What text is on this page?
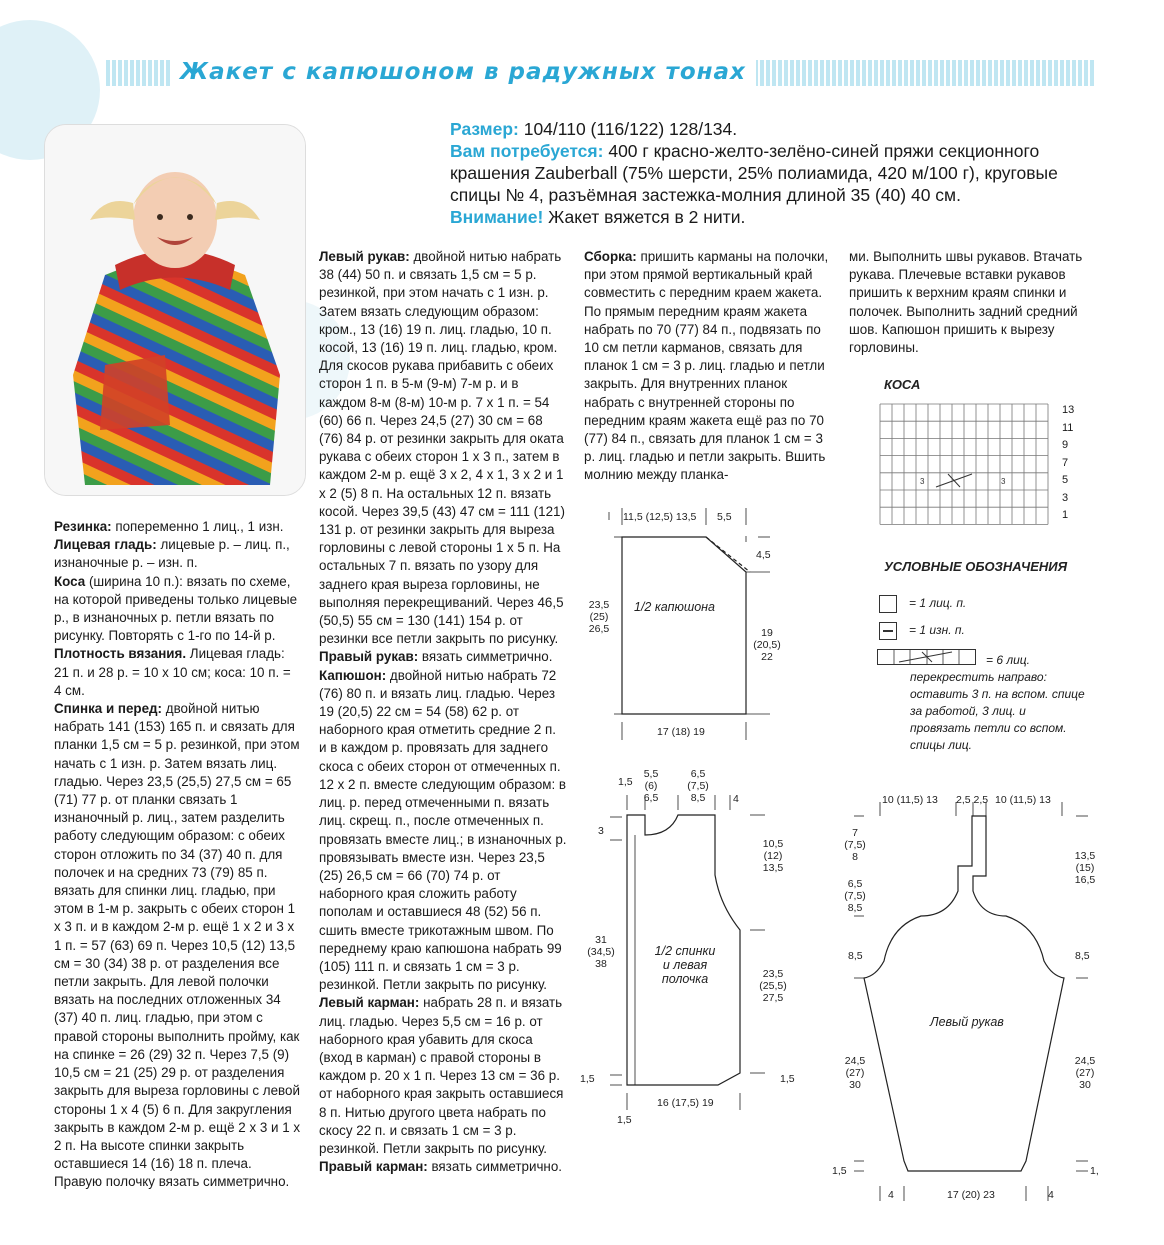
Жакет с капюшоном в радужных тонах

Размер: 104/110 (116/122) 128/134.

Вам потребуется: 400 г красно-желто-зелёно-синей пряжи секционного крашения Zauberball (75% шерсти, 25% полиамида, 420 м/100 г), круговые спицы № 4, разъёмная застежка-молния длиной 35 (40) 40 см.

Внимание! Жакет вяжется в 2 нити.

Резинка: попеременно 1 лиц., 1 изн.

Лицевая гладь: лицевые р. – лиц. п., изнаночные р. – изн. п.

Коса (ширина 10 п.): вязать по схеме, на которой приведены только лицевые р., в изнаночных р. петли вязать по рисунку. Повторять с 1-го по 14-й р.

Плотность вязания. Лицевая гладь: 21 п. и 28 р. = 10 х 10 см; коса: 10 п. = 4 см.

Спинка и перед: двойной нитью набрать 141 (153) 165 п. и связать для планки 1,5 см = 5 р. резинкой, при этом начать с 1 изн. р. Затем вязать лиц. гладью. Через 23,5 (25,5) 27,5 см = 65 (71) 77 р. от планки связать 1 изнаночный р. лиц., затем разделить работу следующим образом: с обеих сторон отложить по 34 (37) 40 п. для полочек и на средних 73 (79) 85 п. вязать для спинки лиц. гладью, при этом в 1-м р. закрыть с обеих сторон 1 х 3 п. и в каждом 2-м р. ещё 1 х 2 и 3 х 1 п. = 57 (63) 69 п. Через 10,5 (12) 13,5 см = 30 (34) 38 р. от разделения все петли закрыть. Для левой полочки вязать на последних отложенных 34 (37) 40 п. лиц. гладью, при этом с правой стороны выполнить пройму, как на спинке = 26 (29) 32 п. Через 7,5 (9) 10,5 см = 21 (25) 29 р. от разделения закрыть для выреза горловины с левой стороны 1 х 4 (5) 6 п. Для закругления закрыть в каждом 2-м р. ещё 2 х 3 и 1 х 2 п. На высоте спинки закрыть оставшиеся 14 (16) 18 п. плеча. Правую полочку вязать симметрично.

Левый рукав: двойной нитью набрать 38 (44) 50 п. и связать 1,5 см = 5 р. резинкой, при этом начать с 1 изн. р. Затем вязать следующим образом: кром., 13 (16) 19 п. лиц. гладью, 10 п. косой, 13 (16) 19 п. лиц. гладью, кром. Для скосов рукава прибавить с обеих сторон 1 п. в 5-м (9-м) 7-м р. и в каждом 8-м (8-м) 10-м р. 7 х 1 п. = 54 (60) 66 п. Через 24,5 (27) 30 см = 68 (76) 84 р. от резинки закрыть для оката рукава с обеих сторон 1 х 3 п., затем в каждом 2-м р. ещё 3 х 2, 4 х 1, 3 х 2 и 1 х 2 (5) 8 п. На остальных 12 п. вязать косой. Через 39,5 (43) 47 см = 111 (121) 131 р. от резинки закрыть для выреза горловины с левой стороны 1 х 5 п. На остальных 7 п. вязать по узору для заднего края выреза горловины, не выполняя перекрещиваний. Через 46,5 (50,5) 55 см = 130 (141) 154 р. от резинки все петли закрыть по рисунку.

Правый рукав: вязать симметрично.

Капюшон: двойной нитью набрать 72 (76) 80 п. и вязать лиц. гладью. Через 19 (20,5) 22 см = 54 (58) 62 р. от наборного края отметить средние 2 п. и в каждом р. провязать для заднего скоса с обеих сторон от отмеченных п. 12 х 2 п. вместе следующим образом: в лиц. р. перед отмеченными п. вязать лиц. скрещ. п., после отмеченных п. провязать вместе лиц.; в изнаночных р. провязывать вместе изн. Через 23,5 (25) 26,5 см = 66 (70) 74 р. от наборного края сложить работу пополам и оставшиеся 48 (52) 56 п. сшить вместе трикотажным швом. По переднему краю капюшона набрать 99 (105) 111 п. и связать 1 см = 3 р. резинкой. Петли закрыть по рисунку.

Левый карман: набрать 28 п. и вязать лиц. гладью. Через 5,5 см = 16 р. от наборного края убавить для скоса (вход в карман) с правой стороны в каждом р. 20 х 1 п. Через 13 см = 36 р. от наборного края закрыть оставшиеся 8 п. Нитью другого цвета набрать по скосу 22 п. и связать 1 см = 3 р. резинкой. Петли закрыть по рисунку.

Правый карман: вязать симметрично.

Сборка: пришить карманы на полочки, при этом прямой вертикальный край совместить с передним краем жакета. По прямым передним краям жакета набрать по 70 (77) 84 п., подвязать по 10 см петли карманов, связать для планок 1 см = 3 р. лиц. гладью и петли закрыть. Для внутренних планок набрать с внутренней стороны по передним краям жакета ещё раз по 70 (77) 84 п., связать для планок 1 см = 3 р. лиц. гладью и петли закрыть. Вшить молнию между планка-

ми. Выполнить швы рукавов. Втачать рукава. Плечевые вставки рукавов пришить к верхним краям спинки и полочек. Выполнить задний средний шов. Капюшон пришить к вырезу горловины.

КОСА
3	3
13
11
9
7
5
3
1
УСЛОВНЫЕ ОБОЗНАЧЕНИЯ
= 1 лиц. п.
= 1 изн. п.
= 6 лиц. перекрестить направо: оставить 3 п. на вспом. спице за работой, 3 лиц. и провязать петли со вспом. спицы лиц.
11,5 (12,5) 13,5 5,5
4,5
23,5
(25)
26,5	19
(20,5)
22
1/2 капюшона
17 (18) 19
1,5
5,5
(6)
6,5
6,5
(7,5)
8,5	4
3
31
(34,5)
38
10,5
(12)
13,5
23,5
(25,5)
27,5
1/2 спинки
и левая
полочка
1,5	1,5
16 (17,5) 19
1,5
10 (11,5) 13 2,5 2,5 10 (11,5) 13
7
(7,5)
8
6,5
(7,5)
8,5
8,5
24,5
(27)
30
1,5
13,5
(15)
16,5
8,5
24,5
(27)
30
1,
Левый рукав
4	17 (20) 23	4
